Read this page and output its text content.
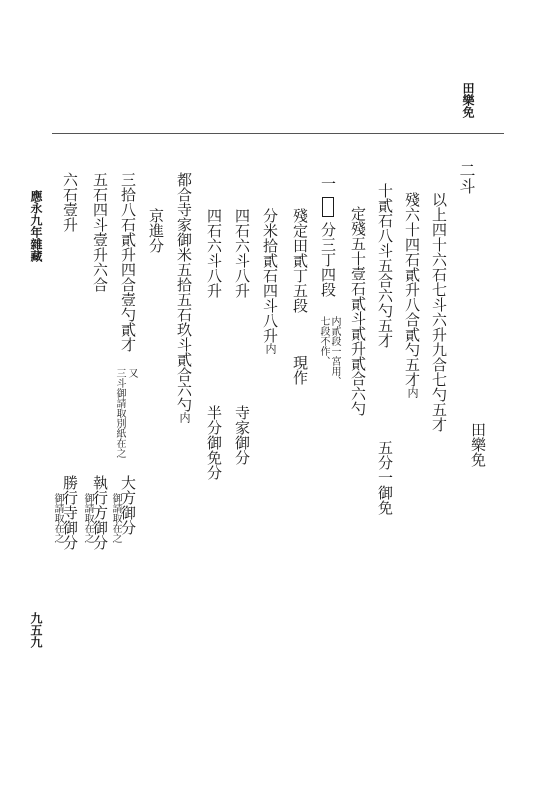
田樂免
二斗
以上四十六石七斗六升九合七勺五才
殘六十四石貳升八合貳勺五才内
十貳石八斗五合六勺五才
五分一御免
定殘五十壹石貳斗貳升貳合六勺
一
分三丁四段
内貳段一宮用、
七段不作、
殘定田貳丁五段
現作
分米拾貳石四斗八升内
四石六斗八升
寺家御分
四石六斗八升
半分御免分
都合寺家御米五拾五石玖斗貳合六勺内
京進分
三拾八石貳升四合壹勺貳才
又
三斗御請取別紙在之
大方御分
御請取在之
五石四斗壹升六合
執行方御分
御請取在之
六石壹升
勝行寺御分
御請取在之
田樂免
應永九年雜藏
九五九
